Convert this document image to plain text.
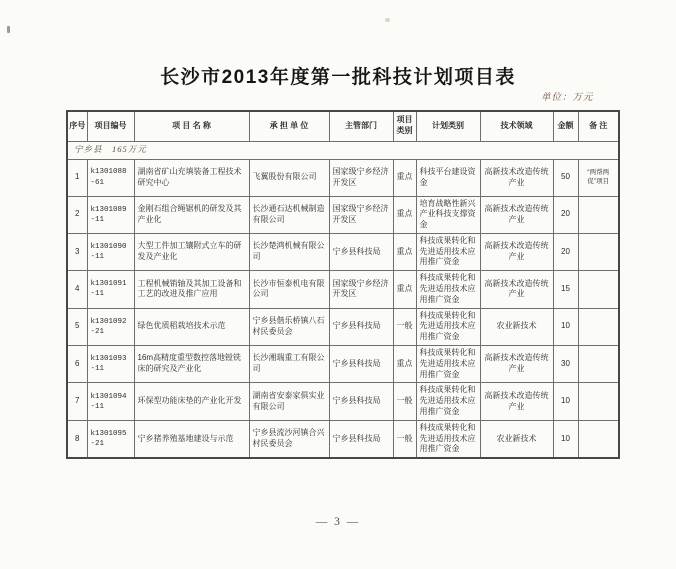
长沙市2013年度第一批科技计划项目表
单位：万元
序号	项目编号	项 目 名 称	承 担 单 位	主管部门	项目类别	计划类别	技术领域	金额	备 注
宁乡县　165万元									
1	k1301088-61	湖南省矿山充填装备工程技术研究中心	飞翼股份有限公司	国家级宁乡经济开发区	重点	科技平台建设资金	高新技术改造传统产业	50	“两帮两促”项目
2	k1301089-11	金刚石组合绳锯机的研发及其产业化	长沙通石达机械制造有限公司	国家级宁乡经济开发区	重点	培育战略性新兴产业科技支撑资金	高新技术改造传统产业	20	
3	k1301090-11	大型工件加工镶附式立车的研发及产业化	长沙楚鸿机械有限公司	宁乡县科技局	重点	科技成果转化和先进适用技术应用推广资金	高新技术改造传统产业	20	
4	k1301091-11	工程机械销轴及其加工设备和工艺的改进及推广应用	长沙市恒泰机电有限公司	国家级宁乡经济开发区	重点	科技成果转化和先进适用技术应用推广资金	高新技术改造传统产业	15	
5	k1301092-21	绿色优质稻栽培技术示范	宁乡县偕乐桥镇八石村民委员会	宁乡县科技局	一般	科技成果转化和先进适用技术应用推广资金	农业新技术	10	
6	k1301093-11	16m高精度重型数控落地镗铣床的研究及产业化	长沙湘瑞重工有限公司	宁乡县科技局	重点	科技成果转化和先进适用技术应用推广资金	高新技术改造传统产业	30	
7	k1301094-11	环保型功能床垫的产业化开发	湖南省安泰家俱实业有限公司	宁乡县科技局	一般	科技成果转化和先进适用技术应用推广资金	高新技术改造传统产业	10	
8	k1301095-21	宁乡猪养殖基地建设与示范	宁乡县流沙河镇合兴村民委员会	宁乡县科技局	一般	科技成果转化和先进适用技术应用推广资金	农业新技术	10	
— 3 —
